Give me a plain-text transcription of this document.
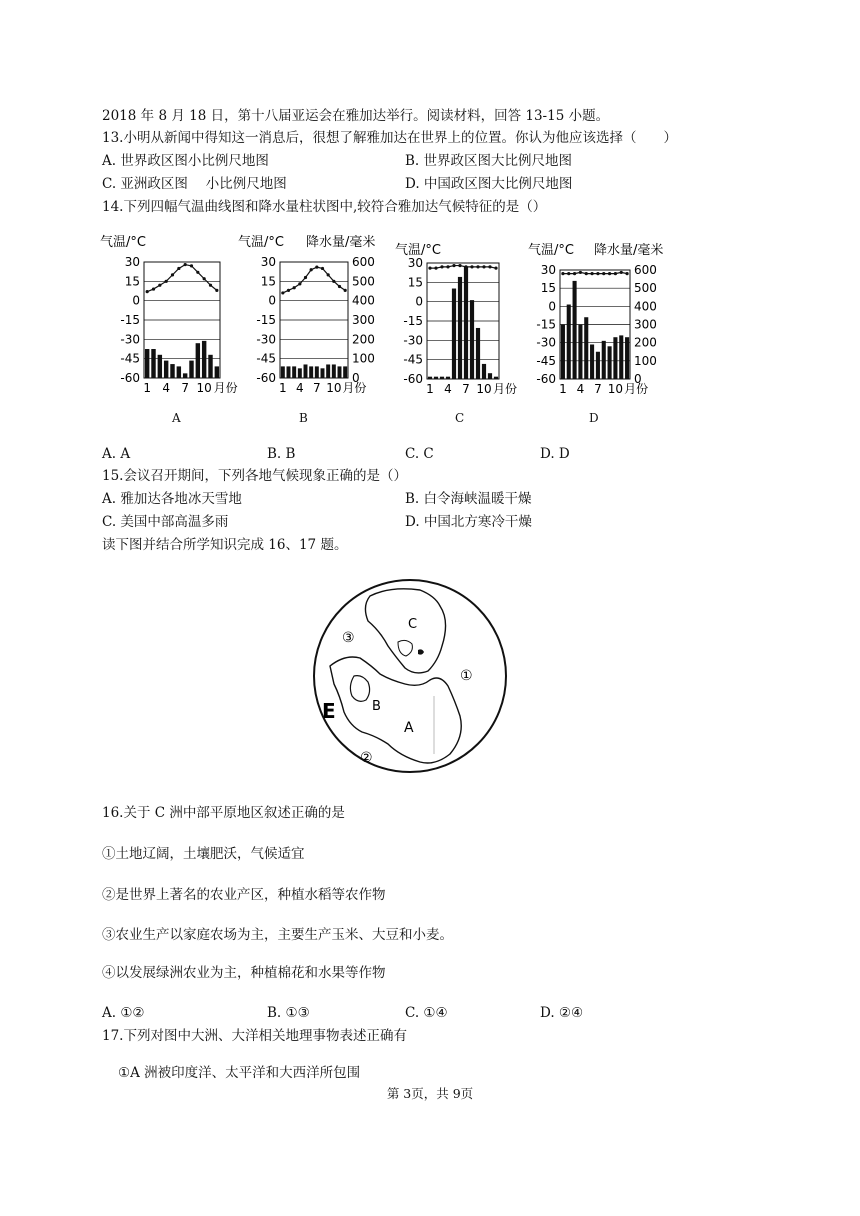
2018 年 8 月 18 日，第十八届亚运会在雅加达举行。阅读材料，回答 13-15 小题。
13.小明从新闻中得知这一消息后，很想了解雅加达在世界上的位置。你认为他应该选择（　　）
A. 世界政区图小比例尺地图	B. 世界政区图大比例尺地图
C. 亚洲政区图　 小比例尺地图	D. 中国政区图大比例尺地图
14.下列四幅气温曲线图和降水量柱状图中,较符合雅加达气候特征的是（）
气温/°C
30
15
0
-15
-30
-45
-60
1 4 7 10 月份
A
气温/°C 降水量/毫米
30
15
0
-15
-30
-45
-60
600
500
400
300
200
100
0
1 4 7 10 月份
B
气温/°C
30
15
0
-15
-30
-45
-60
1 4 7 10 月份
C
气温/°C 降水量/毫米
30
15
0
-15
-30
-45
-60
600
500
400
300
200
100
0
1 4 7 10 月份
D
A. A	B. B	C. C	D. D
15.会议召开期间，下列各地气候现象正确的是（）
A. 雅加达各地冰天雪地	B. 白令海峡温暖干燥
C. 美国中部高温多雨	D. 中国北方寒冷干燥
读下图并结合所学知识完成 16、17 题。
C
B
A
E
①
②
③
16.关于 C 洲中部平原地区叙述正确的是
①土地辽阔，土壤肥沃，气候适宜
②是世界上著名的农业产区，种植水稻等农作物
③农业生产以家庭农场为主，主要生产玉米、大豆和小麦。
④以发展绿洲农业为主，种植棉花和水果等作物
A. ①②	B. ①③	C. ①④	D. ②④
17.下列对图中大洲、大洋相关地理事物表述正确有
①A 洲被印度洋、太平洋和大西洋所包围
第 3页，共 9页
